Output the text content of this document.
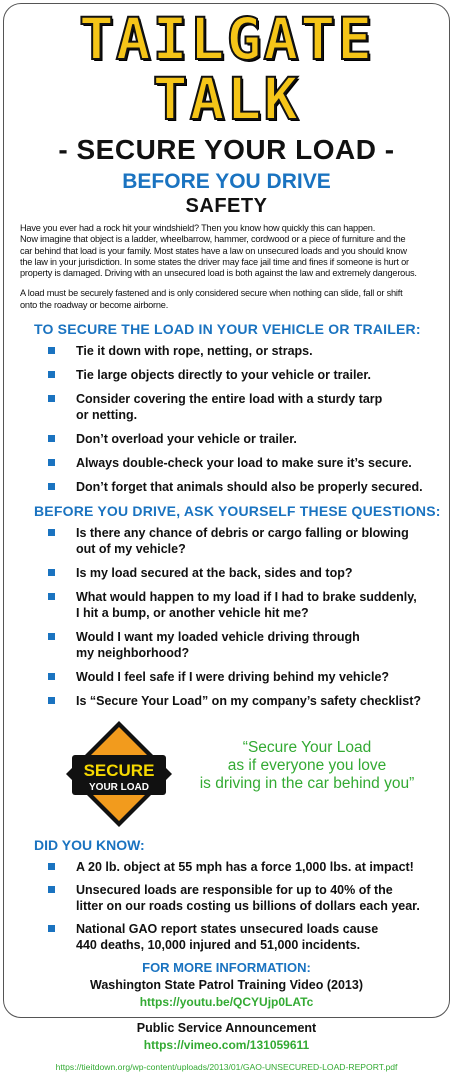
TAILGATE
TALK
- SECURE YOUR LOAD -
BEFORE YOU DRIVE
SAFETY
Have you ever had a rock hit your windshield? Then you know how quickly this can happen.
Now imagine that object is a ladder, wheelbarrow, hammer, cordwood or a piece of furniture and the
car behind that load is your family. Most states have a law on unsecured loads and you should know
the law in your jurisdiction. In some states the driver may face jail time and fines if someone is hurt or
property is damaged. Driving with an unsecured load is both against the law and extremely dangerous.
A load must be securely fastened and is only considered secure when nothing can slide, fall or shift
onto the roadway or become airborne.
TO SECURE THE LOAD IN YOUR VEHICLE OR TRAILER:
Tie it down with rope, netting, or straps.
Tie large objects directly to your vehicle or trailer.
Consider covering the entire load with a sturdy tarp
or netting.
Don’t overload your vehicle or trailer.
Always double-check your load to make sure it’s secure.
Don’t forget that animals should also be properly secured.
BEFORE YOU DRIVE, ASK YOURSELF THESE QUESTIONS:
Is there any chance of debris or cargo falling or blowing
out of my vehicle?
Is my load secured at the back, sides and top?
What would happen to my load if I had to brake suddenly,
I hit a bump, or another vehicle hit me?
Would I want my loaded vehicle driving through
my neighborhood?
Would I feel safe if I were driving behind my vehicle?
Is “Secure Your Load” on my company’s safety checklist?
SECURE
YOUR LOAD
“Secure Your Load
as if everyone you love
is driving in the car behind you”
DID YOU KNOW:
A 20 lb. object at 55 mph has a force 1,000 lbs. at impact!
Unsecured loads are responsible for up to 40% of the
litter on our roads costing us billions of dollars each year.
National GAO report states unsecured loads cause
440 deaths, 10,000 injured and 51,000 incidents.
FOR MORE INFORMATION:
Washington State Patrol Training Video (2013)
https://youtu.be/QCYUjp0LATc
Public Service Announcement
https://vimeo.com/131059611
https://tieitdown.org/wp-content/uploads/2013/01/GAO-UNSECURED-LOAD-REPORT.pdf
